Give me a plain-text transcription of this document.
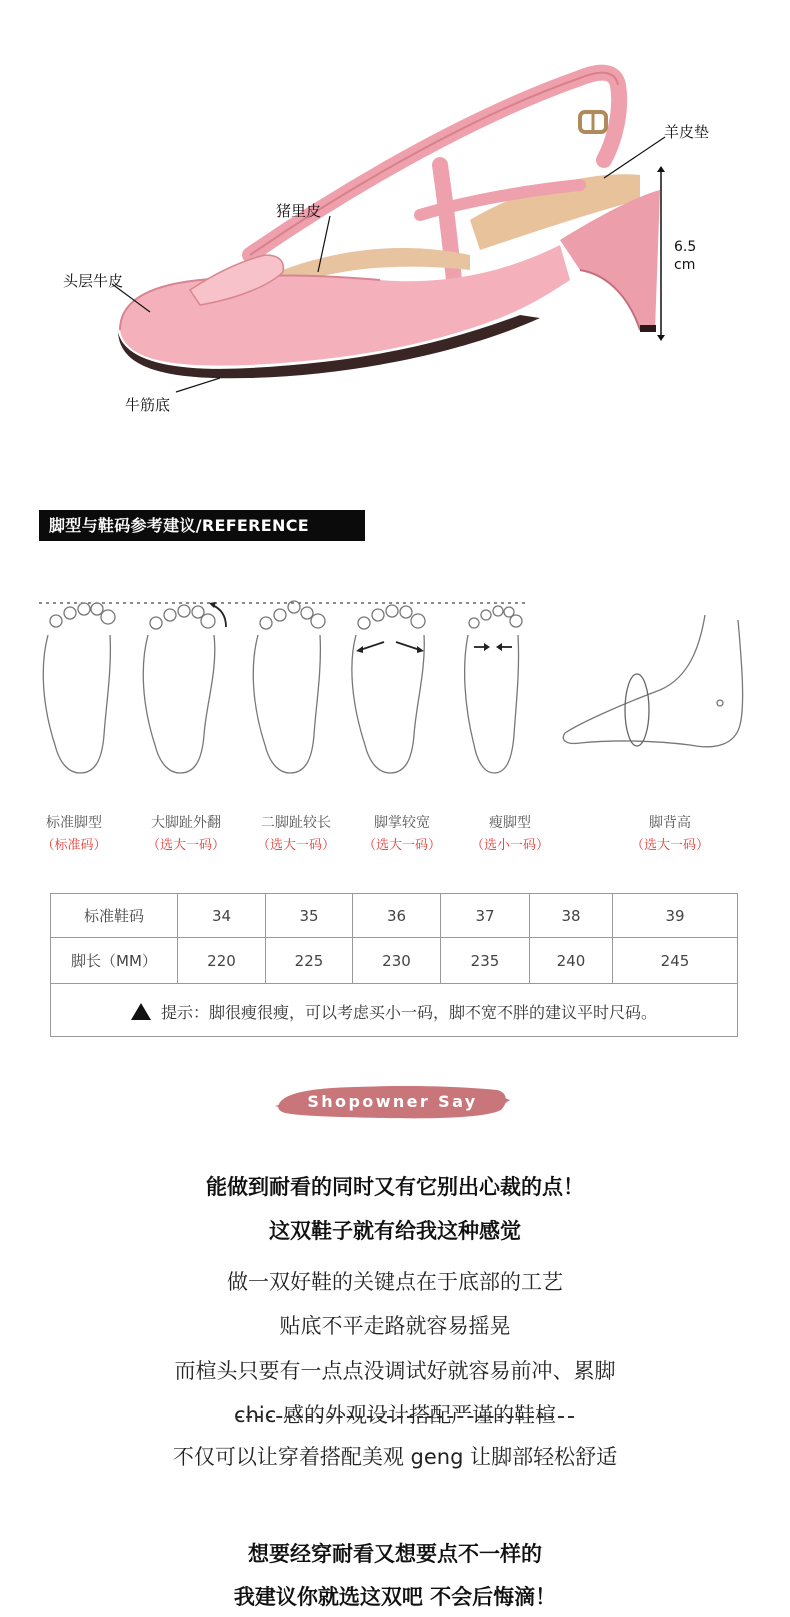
猪里皮
头层牛皮
羊皮垫
牛筋底
6.5
cm
脚型与鞋码参考建议/REFERENCE
标准脚型
（标准码）
大脚趾外翻
（选大一码）
二脚趾较长
（选大一码）
脚掌较宽
（选大一码）
瘦脚型
（选小一码）
脚背高
（选大一码）
标准鞋码	34	35	36	37	38	39
脚长（MM）	220	225	230	235	240	245
提示：脚很瘦很瘦，可以考虑买小一码，脚不宽不胖的建议平时尺码。
Shopowner Say
能做到耐看的同时又有它别出心裁的点！
这双鞋子就有给我这种感觉
做一双好鞋的关键点在于底部的工艺
贴底不平走路就容易摇晃
而楦头只要有一点点没调试好就容易前冲、累脚
chic 感的外观设计搭配严谨的鞋楦
不仅可以让穿着搭配美观 geng 让脚部轻松舒适
想要经穿耐看又想要点不一样的
我建议你就选这双吧 不会后悔滴！
